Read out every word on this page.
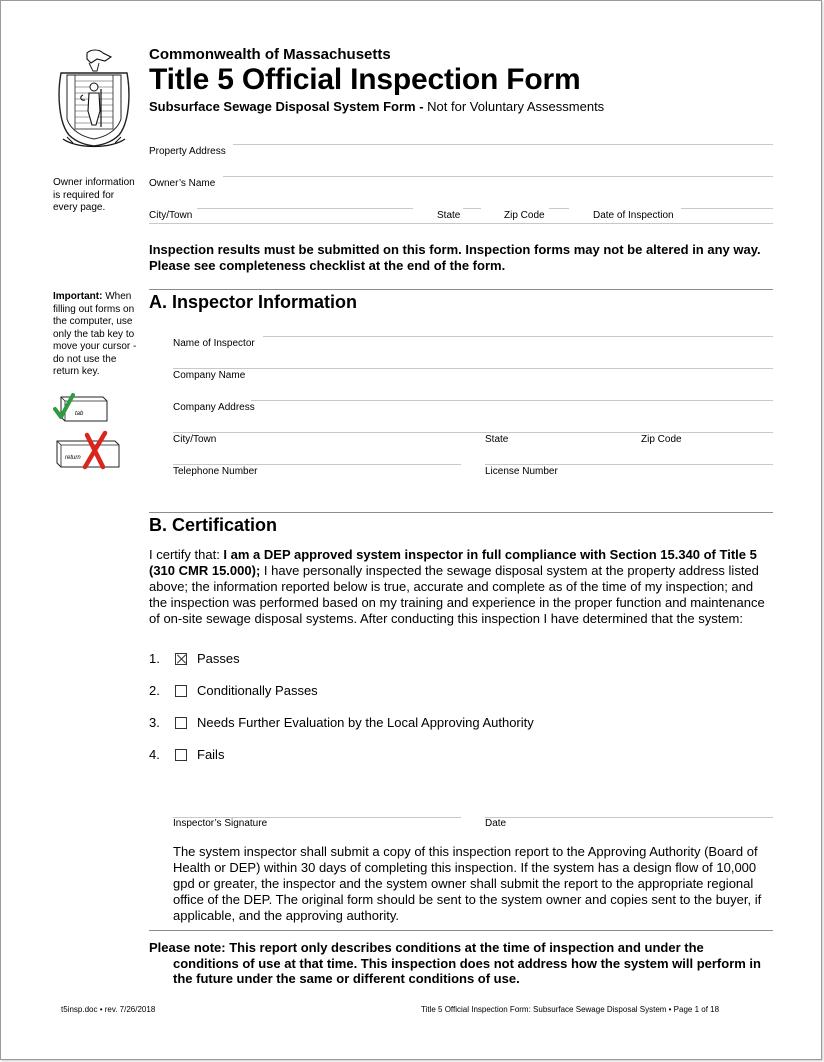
Commonwealth of Massachusetts
Title 5 Official Inspection Form
Subsurface Sewage Disposal System Form - Not for Voluntary Assessments
Property Address
Owner’s Name
City/Town	State	Zip Code	Date of Inspection
Owner information is required for every page.
Important: When filling out forms on the computer, use only the tab key to move your cursor - do not use the return key.
tab
return
Inspection results must be submitted on this form. Inspection forms may not be altered in any way. Please see completeness checklist at the end of the form.
A. Inspector Information
Name of Inspector
Company Name
Company Address
City/Town	State	Zip Code
Telephone Number	License Number
B. Certification
I certify that: I am a DEP approved system inspector in full compliance with Section 15.340 of Title 5 (310 CMR 15.000); I have personally inspected the sewage disposal system at the property address listed above; the information reported below is true, accurate and complete as of the time of my inspection; and the inspection was performed based on my training and experience in the proper function and maintenance of on-site sewage disposal systems. After conducting this inspection I have determined that the system:
1.	Passes
2.	Conditionally Passes
3.	Needs Further Evaluation by the Local Approving Authority
4.	Fails
Inspector’s Signature	Date
The system inspector shall submit a copy of this inspection report to the Approving Authority (Board of Health or DEP) within 30 days of completing this inspection. If the system has a design flow of 10,000 gpd or greater, the inspector and the system owner shall submit the report to the appropriate regional office of the DEP. The original form should be sent to the system owner and copies sent to the buyer, if applicable, and the approving authority.
Please note: This report only describes conditions at the time of inspection and under the
conditions of use at that time. This inspection does not address how the system will perform in the future under the same or different conditions of use.
t5insp.doc • rev. 7/26/2018	Title 5 Official Inspection Form: Subsurface Sewage Disposal System • Page 1 of 18
